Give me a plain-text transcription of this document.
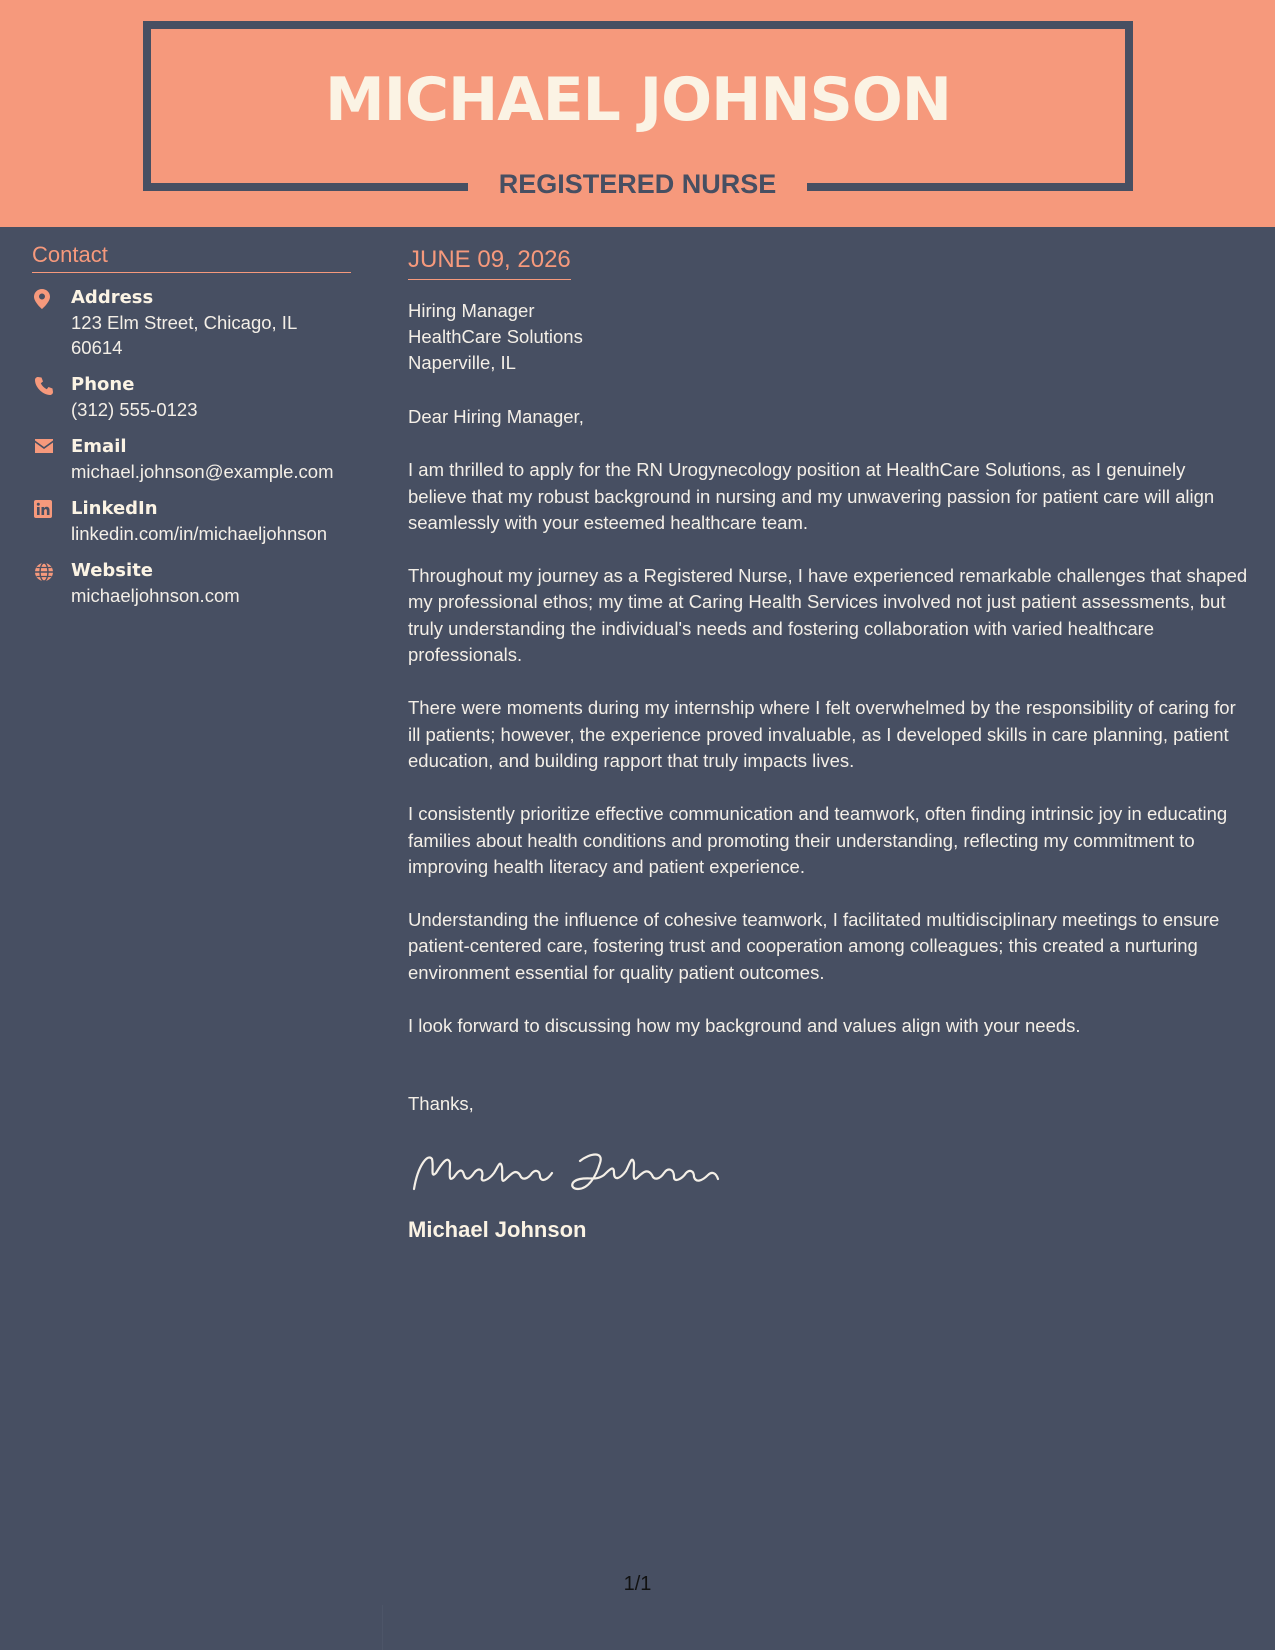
MICHAEL JOHNSON
REGISTERED NURSE
Contact
Address
123 Elm Street, Chicago, IL 60614
Phone
(312) 555-0123
Email
michael.johnson@example.com
LinkedIn
linkedin.com/in/michaeljohnson
Website
michaeljohnson.com
JUNE 09, 2026
Hiring Manager
HealthCare Solutions
Naperville, IL
Dear Hiring Manager,
I am thrilled to apply for the RN Urogynecology position at HealthCare Solutions, as I genuinely believe that my robust background in nursing and my unwavering passion for patient care will align seamlessly with your esteemed healthcare team.
Throughout my journey as a Registered Nurse, I have experienced remarkable challenges that shaped my professional ethos; my time at Caring Health Services involved not just patient assessments, but truly understanding the individual's needs and fostering collaboration with varied healthcare professionals.
There were moments during my internship where I felt overwhelmed by the responsibility of caring for ill patients; however, the experience proved invaluable, as I developed skills in care planning, patient education, and building rapport that truly impacts lives.
I consistently prioritize effective communication and teamwork, often finding intrinsic joy in educating families about health conditions and promoting their understanding, reflecting my commitment to improving health literacy and patient experience.
Understanding the influence of cohesive teamwork, I facilitated multidisciplinary meetings to ensure patient-centered care, fostering trust and cooperation among colleagues; this created a nurturing environment essential for quality patient outcomes.
I look forward to discussing how my background and values align with your needs.
Thanks,
Michael Johnson
1/1
